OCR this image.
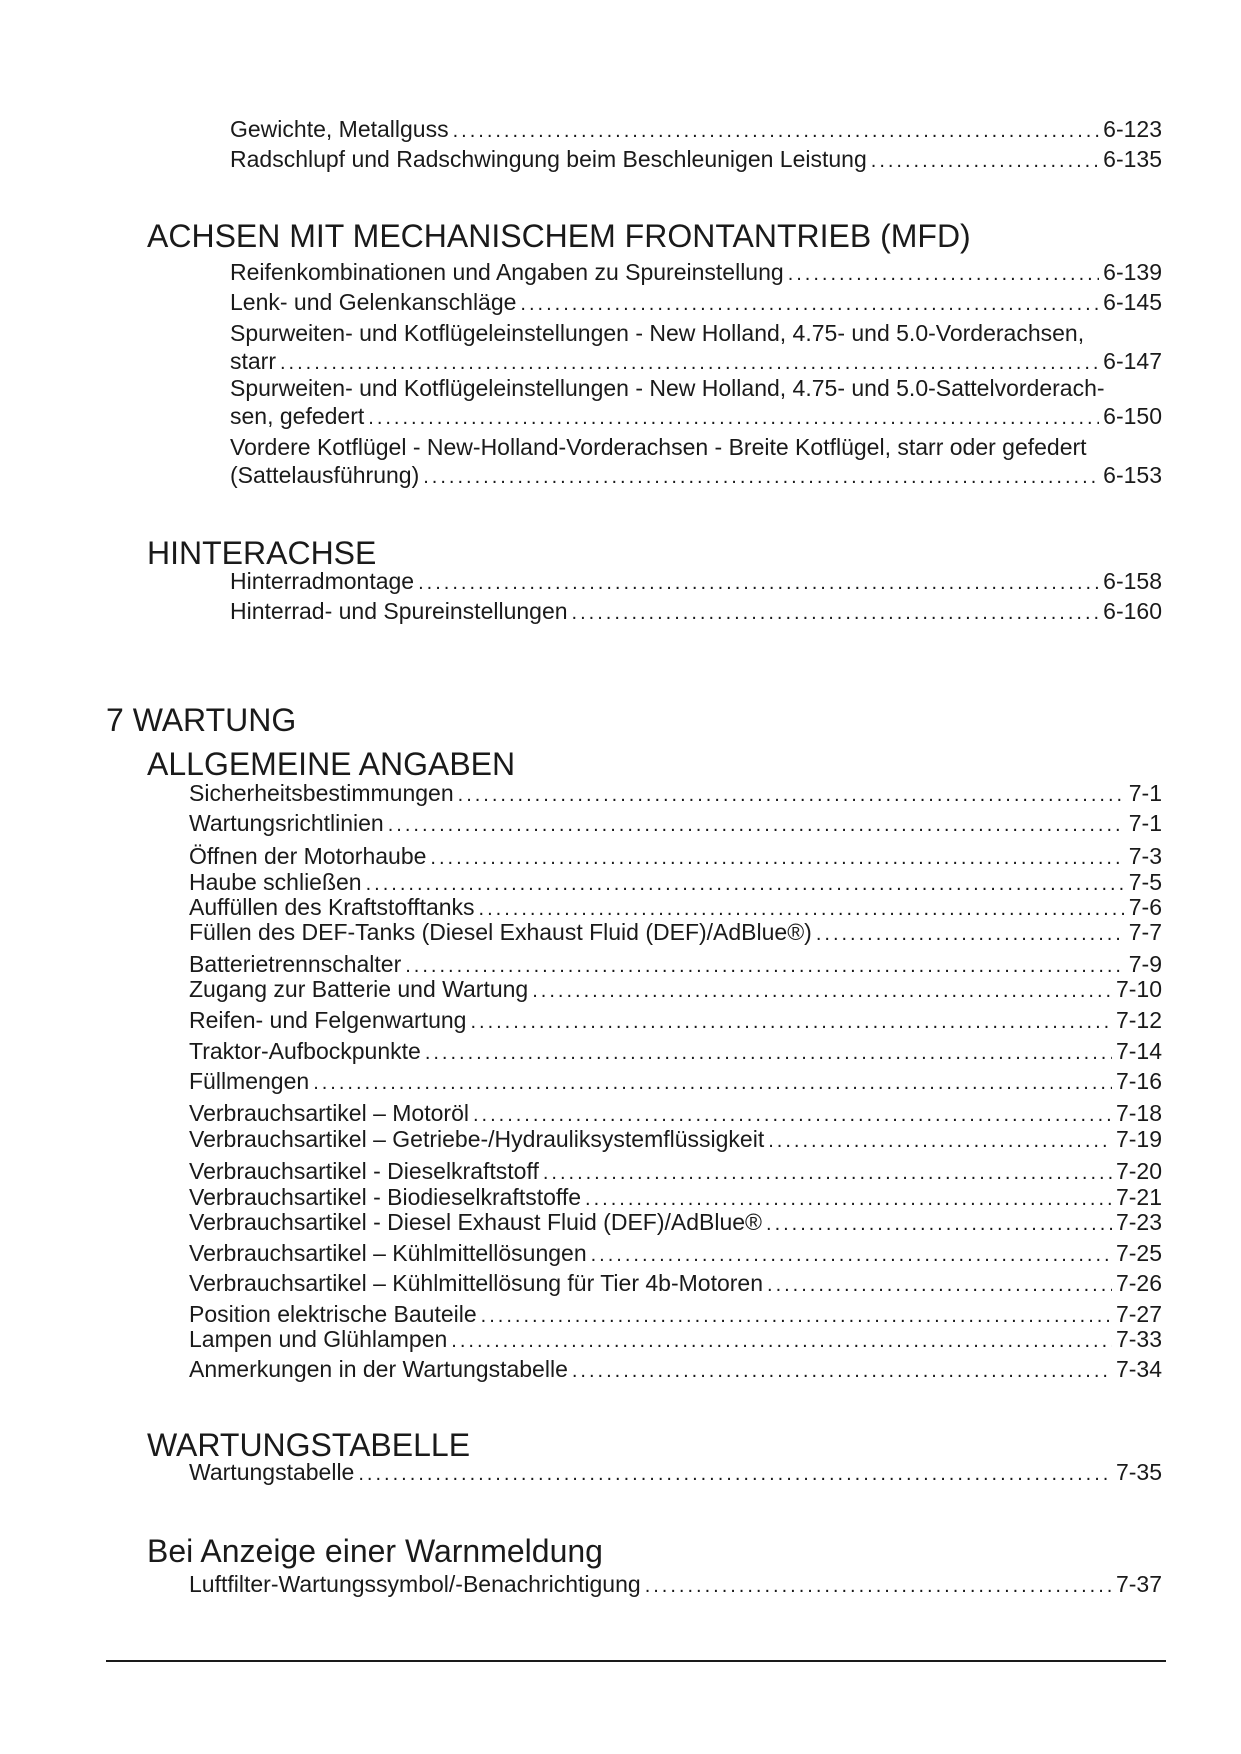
Gewichte, Metallguss .....	6-123
Radschlupf und Radschwingung beim Beschleunigen Leistung .....	6-135
ACHSEN MIT MECHANISCHEM FRONTANTRIEB (MFD)
Reifenkombinationen und Angaben zu Spureinstellung .....	6-139
Lenk- und Gelenkanschläge .....	6-145
Spurweiten- und Kotflügeleinstellungen - New Holland, 4.75- und 5.0-Vorderachsen,
starr .....	6-147
Spurweiten- und Kotflügeleinstellungen - New Holland, 4.75- und 5.0-Sattelvorderach-
sen, gefedert .....	6-150
Vordere Kotflügel - New-Holland-Vorderachsen - Breite Kotflügel, starr oder gefedert
(Sattelausführung) .....	6-153
HINTERACHSE
Hinterradmontage .....	6-158
Hinterrad- und Spureinstellungen .....	6-160
7 WARTUNG
ALLGEMEINE ANGABEN
Sicherheitsbestimmungen .....	7-1
Wartungsrichtlinien .....	7-1
Öffnen der Motorhaube .....	7-3
Haube schließen .....	7-5
Auffüllen des Kraftstofftanks .....	7-6
Füllen des DEF-Tanks (Diesel Exhaust Fluid (DEF)/AdBlue®) .....	7-7
Batterietrennschalter .....	7-9
Zugang zur Batterie und Wartung .....	7-10
Reifen- und Felgenwartung .....	7-12
Traktor-Aufbockpunkte .....	7-14
Füllmengen .....	7-16
Verbrauchsartikel – Motoröl .....	7-18
Verbrauchsartikel – Getriebe-/Hydrauliksystemflüssigkeit .....	7-19
Verbrauchsartikel - Dieselkraftstoff .....	7-20
Verbrauchsartikel - Biodieselkraftstoffe .....	7-21
Verbrauchsartikel - Diesel Exhaust Fluid (DEF)/AdBlue® .....	7-23
Verbrauchsartikel – Kühlmittellösungen .....	7-25
Verbrauchsartikel – Kühlmittellösung für Tier 4b-Motoren .....	7-26
Position elektrische Bauteile .....	7-27
Lampen und Glühlampen .....	7-33
Anmerkungen in der Wartungstabelle .....	7-34
WARTUNGSTABELLE
Wartungstabelle .....	7-35
Bei Anzeige einer Warnmeldung
Luftfilter-Wartungssymbol/-Benachrichtigung .....	7-37
